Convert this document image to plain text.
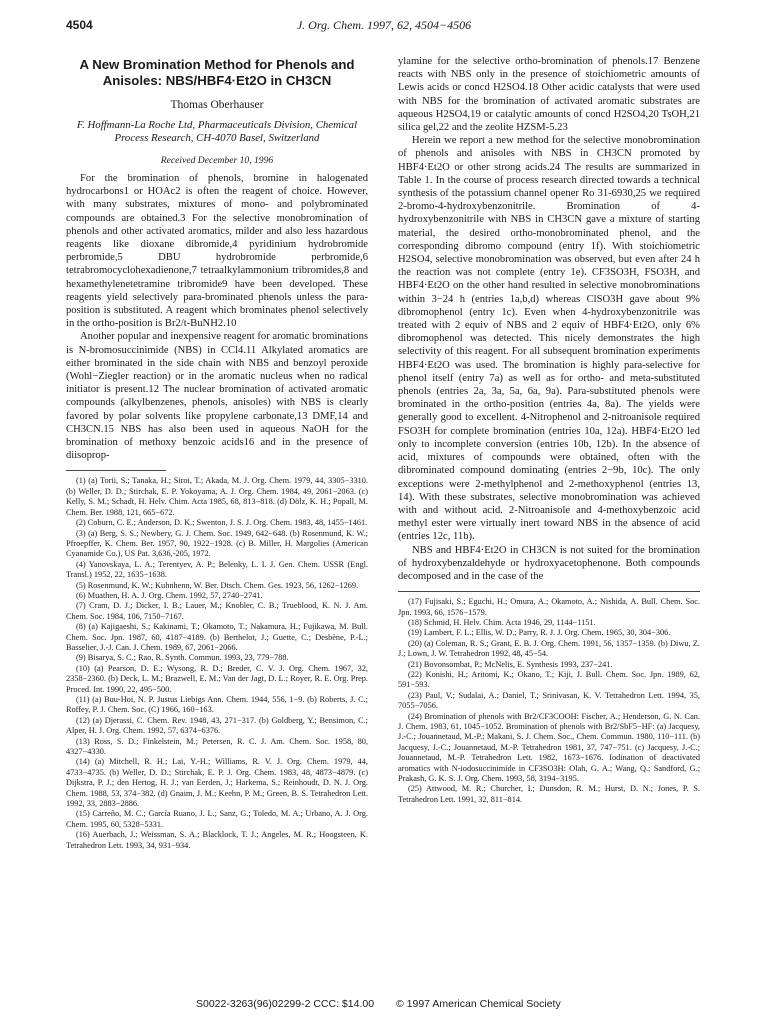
4504	J. Org. Chem. 1997, 62, 4504−4506
A New Bromination Method for Phenols and Anisoles: NBS/HBF4·Et2O in CH3CN
Thomas Oberhauser
F. Hoffmann-La Roche Ltd, Pharmaceuticals Division, Chemical Process Research, CH-4070 Basel, Switzerland
Received December 10, 1996

For the bromination of phenols, bromine in halogenated hydrocarbons1 or HOAc2 is often the reagent of choice. However, with many substrates, mixtures of mono- and polybrominated compounds are obtained.3 For the selective monobromination of phenols and other activated aromatics, milder and also less hazardous reagents like dioxane dibromide,4 pyridinium hydrobromide perbromide,5 DBU hydrobromide perbromide,6 tetrabromocyclohexadienone,7 tetraalkylammonium tribromides,8 and hexamethylenetetramine tribromide9 have been developed. These reagents yield selectively para-brominated phenols unless the para-position is substituted. A reagent which brominates phenol selectively in the ortho-position is Br2/t-BuNH2.10

Another popular and inexpensive reagent for aromatic brominations is N-bromosuccinimide (NBS) in CCl4.11 Alkylated aromatics are either brominated in the side chain with NBS and benzoyl peroxide (Wohl−Ziegler reaction) or in the aromatic nucleus when no radical initiator is present.12 The nuclear bromination of activated aromatic compounds (alkylbenzenes, phenols, anisoles) with NBS is clearly favored by polar solvents like propylene carbonate,13 DMF,14 and CH3CN.15 NBS has also been used in aqueous NaOH for the bromination of methoxy benzoic acids16 and in the presence of diisoprop-

(1) (a) Torii, S.; Tanaka, H.; Siroi, T.; Akada, M. J. Org. Chem. 1979, 44, 3305−3310. (b) Weller, D. D.; Stirchak, E. P. Yokoyama, A. J. Org. Chem. 1984, 49, 2061−2063. (c) Kelly, S. M.; Schadt, H. Helv. Chim. Acta 1985, 68, 813−818. (d) Dölz, K. H.; Popall, M. Chem. Ber. 1988, 121, 665−672.

(2) Coburn, C. E.; Anderson, D. K.; Swenton, J. S. J. Org. Chem. 1983, 48, 1455−1461.

(3) (a) Berg, S. S.; Newbery, G. J. Chem. Soc. 1949, 642−648. (b) Rosenmund, K. W.; Pfroepffer, K. Chem. Ber. 1957, 90, 1922−1928. (c) B. Miller, H. Margolies (American Cyanamide Co.), US Pat. 3,636,-205, 1972.

(4) Yanovskaya, L. A.; Terentyev, A. P.; Belenky, L. I. J. Gen. Chem. USSR (Engl. Transl.) 1952, 22, 1635−1638.

(5) Rosenmund, K. W.; Kuhnhenn, W. Ber. Dtsch. Chem. Ges. 1923, 56, 1262−1269.

(6) Muathen, H. A. J. Org. Chem. 1992, 57, 2740−2741.

(7) Cram, D. J.; Dicker, I. B.; Lauer, M.; Knobler, C. B.; Trueblood, K. N. J. Am. Chem. Soc. 1984, 106, 7150−7167.

(8) (a) Kajigaeshi, S.; Kakinami, T.; Okamoto, T.; Nakamura, H.; Fujikawa, M. Bull. Chem. Soc. Jpn. 1987, 60, 4187−4189. (b) Berthelot, J.; Guette, C.; Desbène, P.-L.; Basselier, J.-J. Can. J. Chem. 1989, 67, 2061−2066.

(9) Bisarya, S. C.; Rao, R. Synth. Commun. 1993, 23, 779−788.

(10) (a) Pearson, D. E.; Wysong, R. D.; Breder, C. V. J. Org. Chem. 1967, 32, 2358−2360. (b) Deck, L. M.; Brazwell, E. M.; Van der Jagt, D. L.; Royer, R. E. Org. Prep. Proced. Int. 1990, 22, 495−500.

(11) (a) Buu-Hoi, N. P. Justus Liebigs Ann. Chem. 1944, 556, 1−9. (b) Roberts, J. C.; Roffey, P. J. Chem. Soc. (C) 1966, 160−163.

(12) (a) Djerassi, C. Chem. Rev. 1948, 43, 271−317. (b) Goldberg, Y.; Bensimon, C.; Alper, H. J. Org. Chem. 1992, 57, 6374−6376.

(13) Ross, S. D.; Finkelstein, M.; Petersen, R. C. J. Am. Chem. Soc. 1958, 80, 4327−4330.

(14) (a) Mitchell, R. H.; Lai, Y.-H.; Williams, R. V. J. Org. Chem. 1979, 44, 4733−4735. (b) Weller, D. D.; Stirchak, E. P. J. Org. Chem. 1983, 48, 4873−4879. (c) Dijkstra, P. J.; den Hertog, H. J.; van Eerden, J.; Harkema, S.; Reinhoudt, D. N. J. Org. Chem. 1988, 53, 374−382. (d) Gnaim, J. M.; Keehn, P. M.; Green, B. S. Tetrahedron Lett. 1992, 33, 2883−2886.

(15) Carreño, M. C.; García Ruano, J. L.; Sanz, G.; Toledo, M. A.; Urbano, A. J. Org. Chem. 1995, 60, 5328−5331.

(16) Auerbach, J.; Weissman, S. A.; Blacklock, T. J.; Angeles, M. R.; Hoogsteen, K. Tetrahedron Lett. 1993, 34, 931−934.

ylamine for the selective ortho-bromination of phenols.17 Benzene reacts with NBS only in the presence of stoichiometric amounts of Lewis acids or concd H2SO4.18 Other acidic catalysts that were used with NBS for the bromination of activated aromatic substrates are aqueous H2SO4,19 or catalytic amounts of concd H2SO4,20 TsOH,21 silica gel,22 and the zeolite HZSM-5.23

Herein we report a new method for the selective monobromination of phenols and anisoles with NBS in CH3CN promoted by HBF4·Et2O or other strong acids.24 The results are summarized in Table 1. In the course of process research directed towards a technical synthesis of the potassium channel opener Ro 31-6930,25 we required 2-bromo-4-hydroxybenzonitrile. Bromination of 4-hydroxybenzonitrile with NBS in CH3CN gave a mixture of starting material, the desired ortho-monobrominated phenol, and the corresponding dibromo compound (entry 1f). With stoichiometric H2SO4, selective monobromination was observed, but even after 24 h the reaction was not complete (entry 1e). CF3SO3H, FSO3H, and HBF4·Et2O on the other hand resulted in selective monobrominations within 3−24 h (entries 1a,b,d) whereas ClSO3H gave about 9% dibromophenol (entry 1c). Even when 4-hydroxybenzonitrile was treated with 2 equiv of NBS and 2 equiv of HBF4·Et2O, only 6% dibromophenol was detected. This nicely demonstrates the high selectivity of this reagent. For all subsequent bromination experiments HBF4·Et2O was used. The bromination is highly para-selective for phenol itself (entry 7a) as well as for ortho- and meta-substituted phenols (entries 2a, 3a, 5a, 6a, 9a). Para-substituted phenols were brominated in the ortho-position (entries 4a, 8a). The yields were generally good to excellent. 4-Nitrophenol and 2-nitroanisole required FSO3H for complete bromination (entries 10a, 12a). HBF4·Et2O led only to incomplete conversion (entries 10b, 12b). In the absence of acid, mixtures of compounds were obtained, often with the dibrominated compound dominating (entries 2−9b, 10c). The only exceptions were 2-methylphenol and 2-methoxyphenol (entries 13, 14). With these substrates, selective monobromination was achieved with and without acid. 2-Nitroanisole and 4-methoxybenzoic acid methyl ester were virtually inert toward NBS in the absence of acid (entries 12c, 11b).

NBS and HBF4·Et2O in CH3CN is not suited for the bromination of hydroxybenzaldehyde or hydroxyacetophenone. Both compounds decomposed and in the case of the

(17) Fujisaki, S.; Eguchi, H.; Omura, A.; Okamoto, A.; Nishida, A. Bull. Chem. Soc. Jpn. 1993, 66, 1576−1579.

(18) Schmid, H. Helv. Chim. Acta 1946, 29, 1144−1151.

(19) Lambert, F. L.; Ellis, W. D.; Parry, R. J. J. Org. Chem. 1965, 30, 304−306.

(20) (a) Coleman, R. S.; Grant, E. B. J. Org. Chem. 1991, 56, 1357−1359. (b) Diwu, Z. J.; Lown, J. W. Tetrahedron 1992, 48, 45−54.

(21) Bovonsombat, P.; McNelis, E. Synthesis 1993, 237−241.

(22) Konishi, H.; Aritomi, K.; Okano, T.; Kiji, J. Bull. Chem. Soc. Jpn. 1989, 62, 591−593.

(23) Paul, V.; Sudalai, A.; Daniel, T.; Srinivasan, K. V. Tetrahedron Lett. 1994, 35, 7055−7056.

(24) Bromination of phenols with Br2/CF3COOH: Fischer, A.; Henderson, G. N. Can. J. Chem. 1983, 61, 1045−1052. Bromination of phenols with Br2/SbF5−HF: (a) Jacquesy, J.-C.; Jouannetaud, M.-P.; Makani, S. J. Chem. Soc., Chem. Commun. 1980, 110−111. (b) Jacquesy, J.-C.; Jouannetaud, M.-P. Tetrahedron 1981, 37, 747−751. (c) Jacquesy, J.-C.; Jouannetaud, M.-P. Tetrahedron Lett. 1982, 1673−1676. Iodination of deactivated aromatics with N-iodosuccinimide in CF3SO3H: Olah, G. A.; Wang, Q.; Sandford, G.; Prakash, G. K. S. J. Org. Chem. 1993, 58, 3194−3195.

(25) Attwood, M. R.; Churcher, I.; Dunsdon, R. M.; Hurst, D. N.; Jones, P. S. Tetrahedron Lett. 1991, 32, 811−814.

S0022-3263(96)02299-2 CCC: $14.00 © 1997 American Chemical Society
